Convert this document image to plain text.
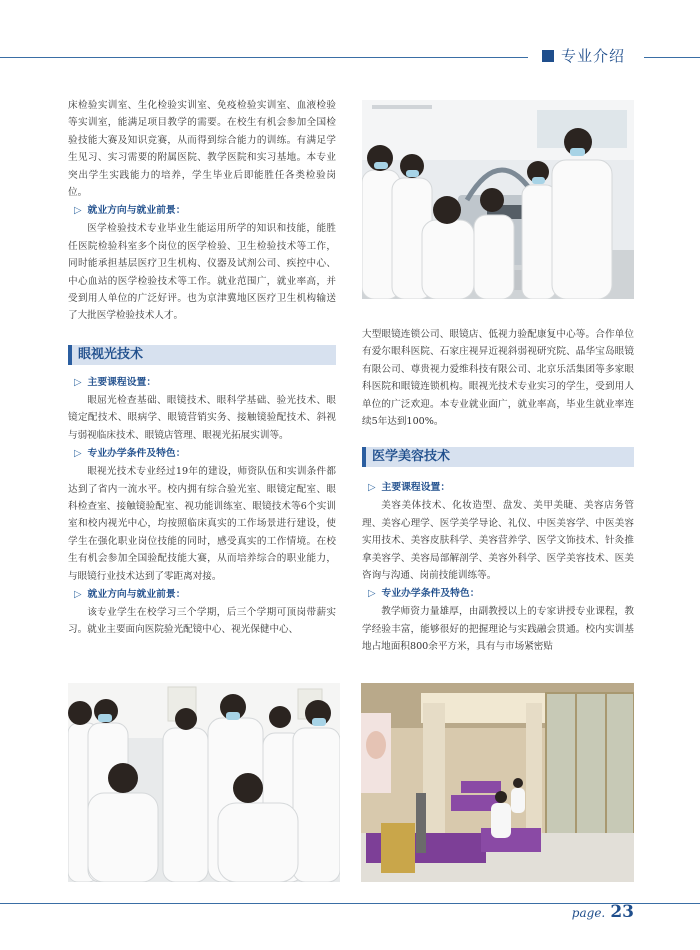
专业介绍

床检验实训室、生化检验实训室、免疫检验实训室、血液检验等实训室，能满足项目教学的需要。在校生有机会参加全国检验技能大赛及知识竞赛，从而得到综合能力的训练。有满足学生见习、实习需要的附属医院、教学医院和实习基地。本专业突出学生实践能力的培养，学生毕业后即能胜任各类检验岗位。

▷ 就业方向与就业前景：

医学检验技术专业毕业生能运用所学的知识和技能，能胜任医院检验科室多个岗位的医学检验、卫生检验技术等工作，同时能承担基层医疗卫生机构、仪器及试剂公司、疾控中心、中心血站的医学检验技术等工作。就业范围广，就业率高，并受到用人单位的广泛好评。也为京津冀地区医疗卫生机构输送了大批医学检验技术人才。

眼视光技术
▷ 主要课程设置：

眼屈光检查基础、眼镜技术、眼科学基础、验光技术、眼镜定配技术、眼病学、眼镜营销实务、接触镜验配技术、斜视与弱视临床技术、眼镜店管理、眼视光拓展实训等。

▷ 专业办学条件及特色：

眼视光技术专业经过19年的建设，师资队伍和实训条件都达到了省内一流水平。校内拥有综合验光室、眼镜定配室、眼科检查室、接触镜验配室、视功能训练室、眼镜技术等6个实训室和校内视光中心，均按照临床真实的工作场景进行建设，使学生在强化职业岗位技能的同时，感受真实的工作情境。在校生有机会参加全国验配技能大赛，从而培养综合的职业能力，与眼镜行业技术达到了零距离对接。

▷ 就业方向与就业前景：

该专业学生在校学习三个学期，后三个学期可顶岗带薪实习。就业主要面向医院验光配镜中心、视光保健中心、

大型眼镜连锁公司、眼镜店、低视力验配康复中心等。合作单位有爱尔眼科医院、石家庄视昇近视斜弱视研究院、晶华宝岛眼镜有限公司、尊贵视力爱维科技有限公司、北京乐活集团等多家眼科医院和眼镜连锁机构。眼视光技术专业实习的学生，受到用人单位的广泛欢迎。本专业就业面广，就业率高，毕业生就业率连续5年达到100%。

医学美容技术
▷ 主要课程设置：

美容美体技术、化妆造型、盘发、美甲美睫、美容店务管理、美容心理学、医学美学导论、礼仪、中医美容学、中医美容实用技术、美容皮肤科学、美容营养学、医学文饰技术、针灸推拿美容学、美容局部解剖学、美容外科学、医学美容技术、医美咨询与沟通、岗前技能训练等。

▷ 专业办学条件及特色：

教学师资力量雄厚，由副教授以上的专家讲授专业课程，教学经验丰富，能够很好的把握理论与实践融会贯通。校内实训基地占地面积800余平方米，具有与市场紧密贴

page. 23
